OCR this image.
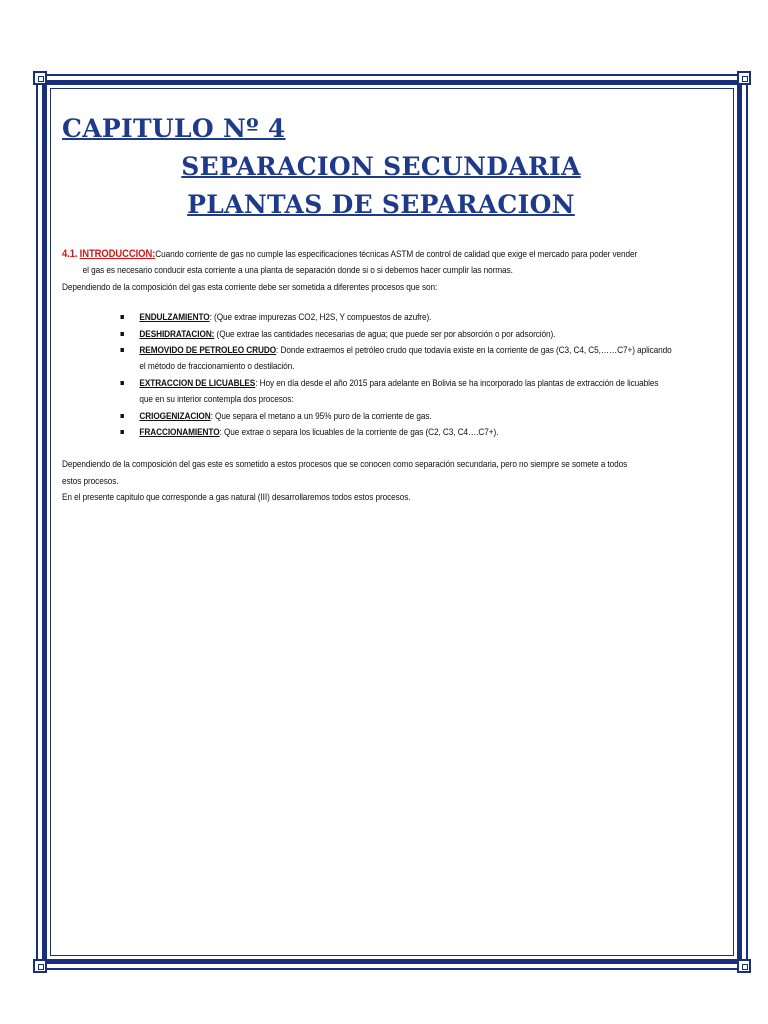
CAPITULO Nº 4
SEPARACION SECUNDARIA
PLANTAS DE SEPARACION
4.1. INTRODUCCION:Cuando corriente de gas no cumple las especificaciones técnicas ASTM de control de calidad que exige el mercado para poder vender
el gas es necesario conducir esta corriente a una planta de separación donde si o si debemos hacer cumplir las normas.
Dependiendo de la composición del gas esta corriente debe ser sometida a diferentes procesos que son:
ENDULZAMIENTO: (Que extrae impurezas CO2, H2S, Y compuestos de azufre).
DESHIDRATACION: (Que extrae las cantidades necesarias de agua; que puede ser por absorción o por adsorción).
REMOVIDO DE PETROLEO CRUDO: Donde extraemos el petróleo crudo que todavía existe en la corriente de gas (C3, C4, C5,……C7+) aplicando
el método de fraccionamiento o destilación.
EXTRACCION DE LICUABLES: Hoy en día desde el año 2015 para adelante en Bolivia se ha incorporado las plantas de extracción de licuables
que en su interior contempla dos procesos:
CRIOGENIZACION: Que separa el metano a un 95% puro de la corriente de gas.
FRACCIONAMIENTO: Que extrae o separa los licuables de la corriente de gas (C2, C3, C4….C7+).
Dependiendo de la composición del gas este es sometido a estos procesos que se conocen como separación secundaria, pero no siempre se somete a todos
estos procesos.
En el presente capitulo que corresponde a gas natural (III) desarrollaremos todos estos procesos.
